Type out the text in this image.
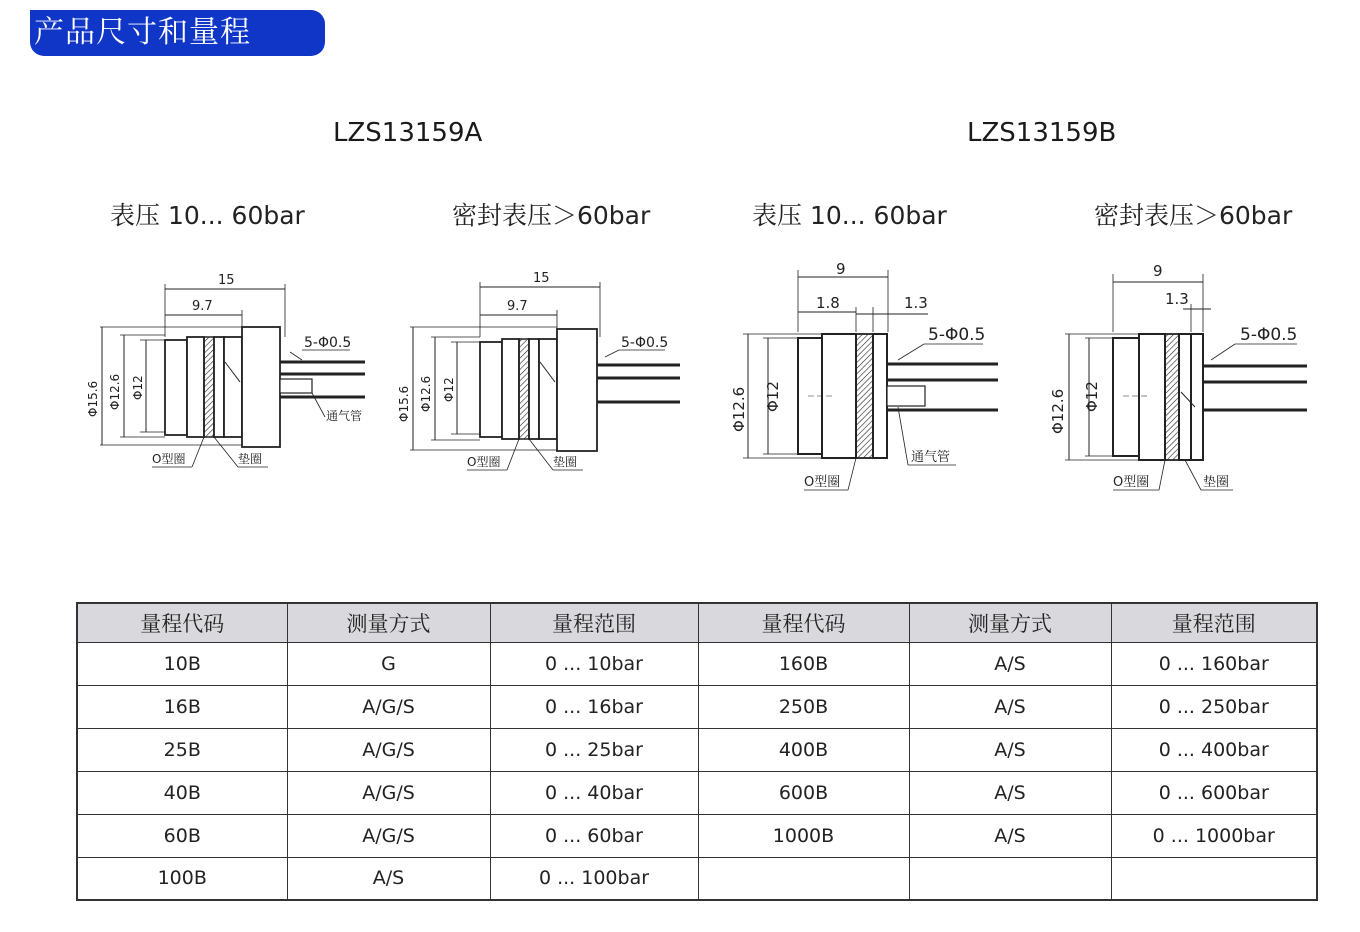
产品尺寸和量程
LZS13159A	LZS13159B
表压 10... 60bar	密封表压＞60bar	表压 10... 60bar	密封表压＞60bar
15
9.7
5-Φ0.5
通气管
Φ15.6 Φ12.6 Φ12
O型圈	垫圈
15
9.7
5-Φ0.5
Φ15.6 Φ12.6 Φ12
O型圈	垫圈
9
1.8	1.3
5-Φ0.5
通气管
Φ12.6 Φ12
O型圈
9
1.3
5-Φ0.5
Φ12.6 Φ12
O型圈	垫圈
量程代码	测量方式	量程范围	量程代码	测量方式	量程范围
10B	G	0 ... 10bar	160B	A/S	0 ... 160bar
16B	A/G/S	0 ... 16bar	250B	A/S	0 ... 250bar
25B	A/G/S	0 ... 25bar	400B	A/S	0 ... 400bar
40B	A/G/S	0 ... 40bar	600B	A/S	0 ... 600bar
60B	A/G/S	0 ... 60bar	1000B	A/S	0 ... 1000bar
100B	A/S	0 ... 100bar			
